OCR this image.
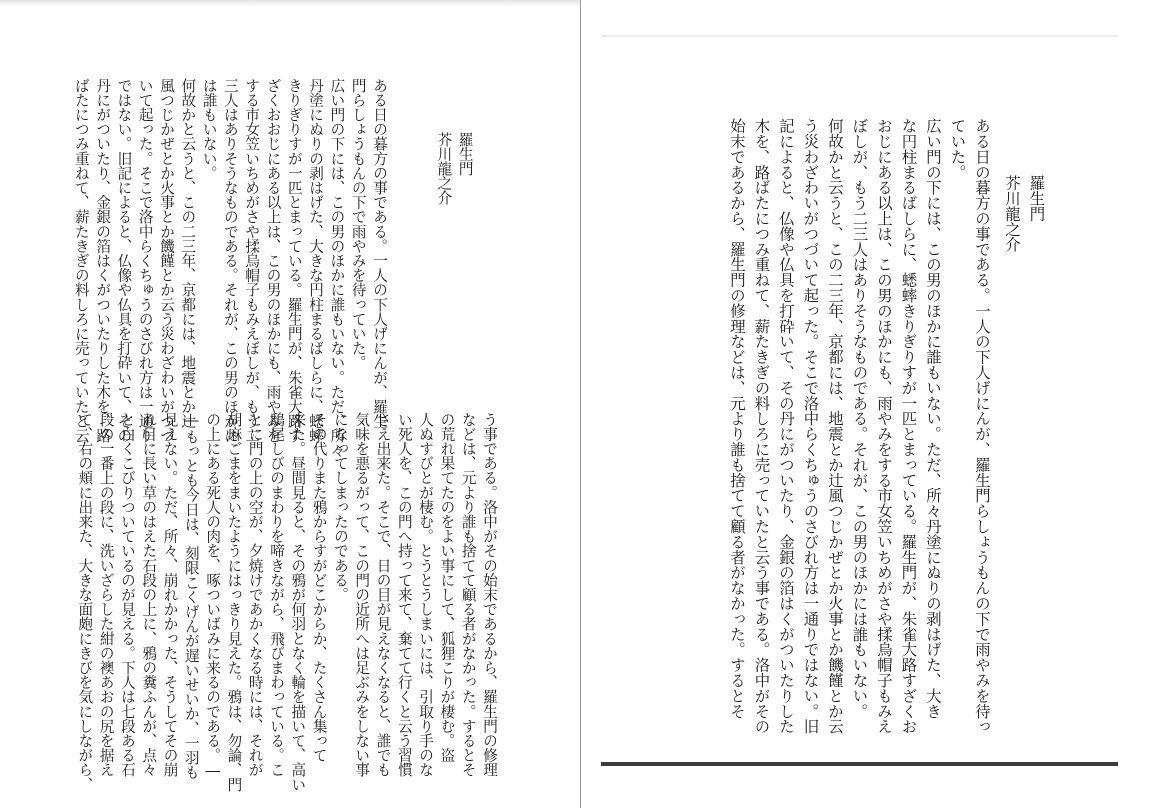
羅生門
芥川龍之介

ある日の暮方の事である。一人の下人げにんが、羅生
門らしょうもんの下で雨やみを待っていた。
広い門の下には、この男のほかに誰もいない。ただ、所々
丹塗にぬりの剥はげた、大きな円柱まるばしらに、蟋蟀
きりぎりすが一匹とまっている。羅生門が、朱雀大路す
ざくおおじにある以上は、この男のほかにも、雨やみを
する市女笠いちめがさや揉烏帽子もみえぼしが、もう二
三人はありそうなものである。それが、この男のほかに
は誰もいない。
何故かと云うと、この二三年、京都には、地震とか辻
風つじかぜとか火事とか饑饉とか云う災わざわいがつづ
いて起った。そこで洛中らくちゅうのさびれ方は一通り
ではない。旧記によると、仏像や仏具を打砕いて、その
丹にがついたり、金銀の箔はくがついたりした木を、路
ばたにつみ重ねて、薪たきぎの料しろに売っていたと云
う事である。洛中がその始末であるから、羅生門の修理
などは、元より誰も捨てて顧る者がなかった。するとそ
の荒れ果てたのをよい事にして、狐狸こりが棲む。盗
人ぬすびとが棲む。とうとうしまいには、引取り手のな
い死人を、この門へ持って来て、棄てて行くと云う習慣
さえ出来た。そこで、日の目が見えなくなると、誰でも
気味を悪るがって、この門の近所へは足ぶみをしない事
になってしまったのである。
その代りまた鴉からすがどこからか、たくさん集って
来た。昼間見ると、その鴉が何羽となく輪を描いて、高い
鴟尾しびのまわりを啼きながら、飛びまわっている。こ
とに門の上の空が、夕焼けであかくなる時には、それが
胡麻ごまをまいたようにはっきり見えた。鴉は、勿論、門
の上にある死人の肉を、啄ついばみに来るのである。―
―もっとも今日は、刻限こくげんが遅いせいか、一羽も
見えない。ただ、所々、崩れかかった、そうしてその崩
れ目に長い草のはえた石段の上に、鴉の糞ふんが、点々
と白くこびりついているのが見える。下人は七段ある石
段の一番上の段に、洗いざらした紺の襖あおの尻を据え
て、右の頬に出来た、大きな面皰にきびを気にしながら、

羅生門
芥川龍之介

ある日の暮方の事である。一人の下人げにんが、羅生門らしょうもんの下で雨やみを待っ
ていた。
広い門の下には、この男のほかに誰もいない。ただ、所々丹塗にぬりの剥はげた、大き
な円柱まるばしらに、蟋蟀きりぎりすが一匹とまっている。羅生門が、朱雀大路すざくお
おじにある以上は、この男のほかにも、雨やみをする市女笠いちめがさや揉烏帽子もみえ
ぼしが、もう二三人はありそうなものである。それが、この男のほかには誰もいない。
何故かと云うと、この二三年、京都には、地震とか辻風つじかぜとか火事とか饑饉とか云
う災わざわいがつづいて起った。そこで洛中らくちゅうのさびれ方は一通りではない。旧
記によると、仏像や仏具を打砕いて、その丹にがついたり、金銀の箔はくがついたりした
木を、路ばたにつみ重ねて、薪たきぎの料しろに売っていたと云う事である。洛中がその
始末であるから、羅生門の修理などは、元より誰も捨てて顧る者がなかった。するとそ
